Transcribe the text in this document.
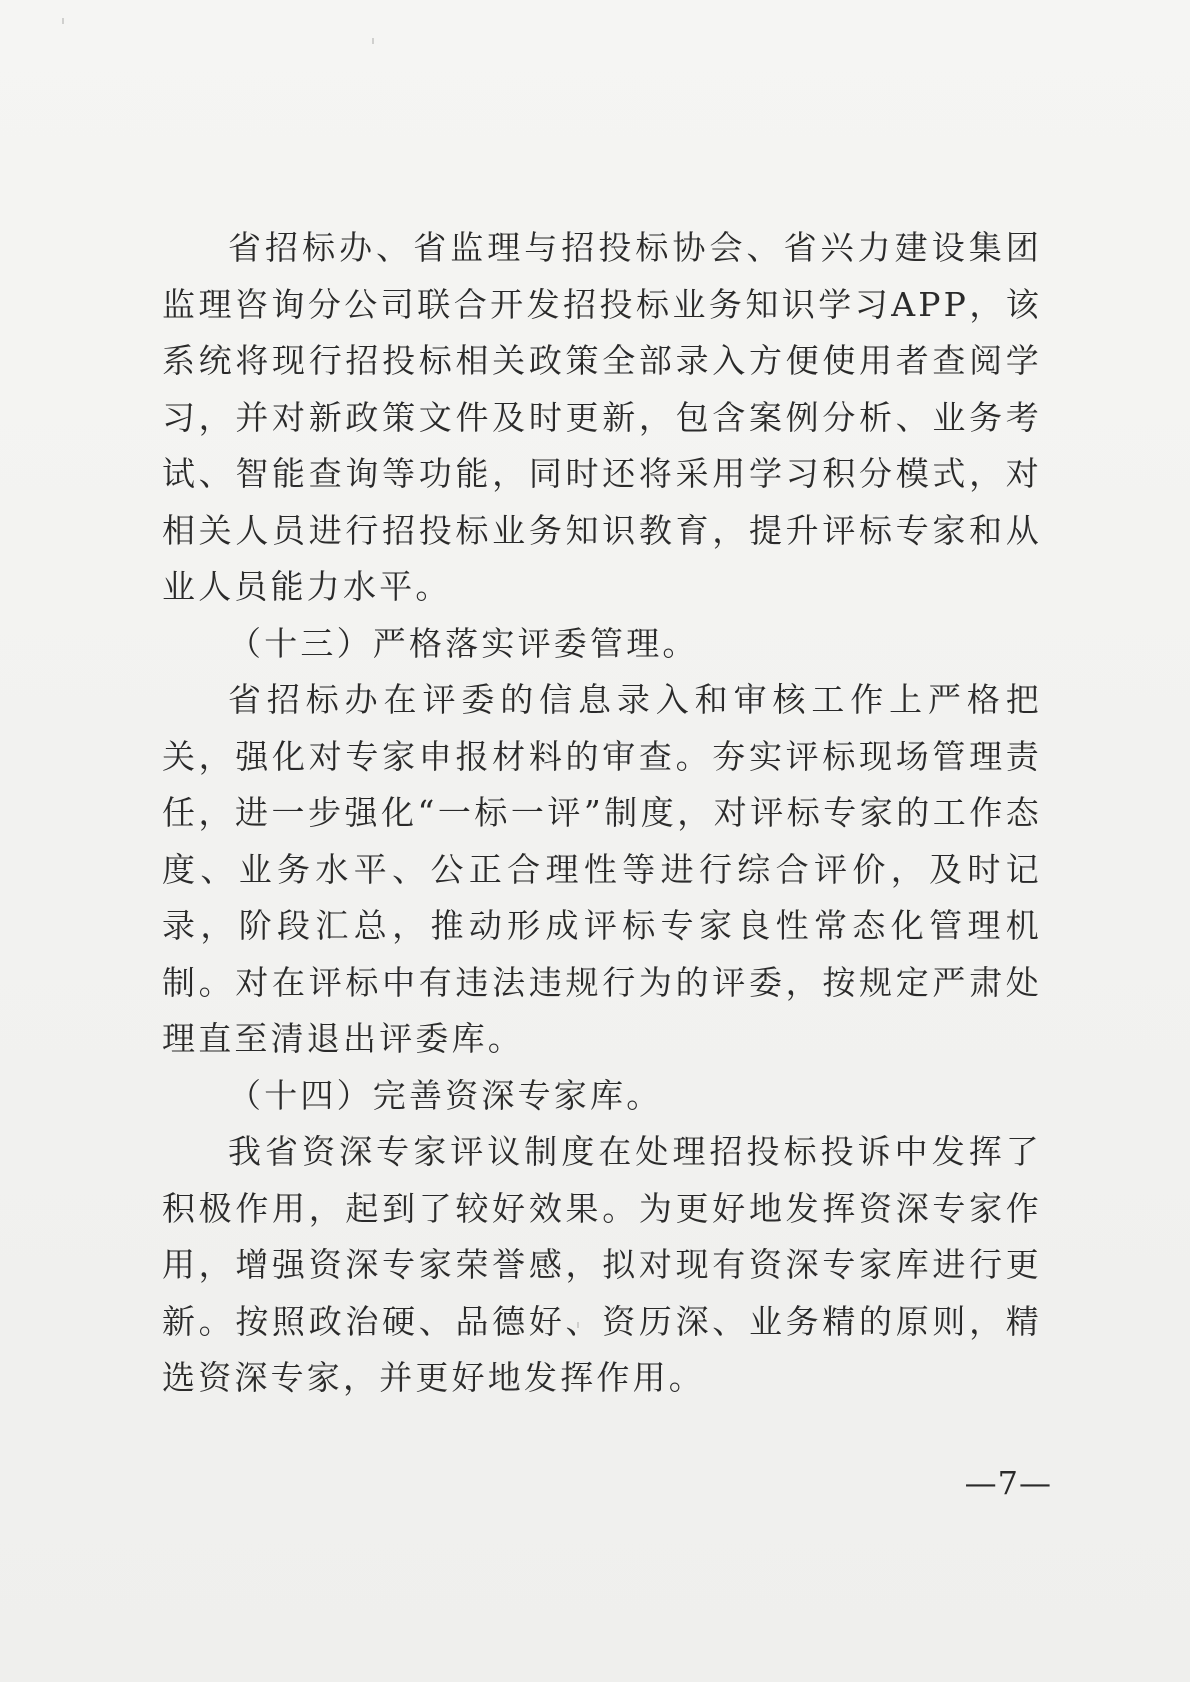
省招标办、省监理与招投标协会、省兴力建设集团监理咨询分公司联合开发招投标业务知识学习APP，该系统将现行招投标相关政策全部录入方便使用者查阅学习，并对新政策文件及时更新，包含案例分析、业务考试、智能查询等功能，同时还将采用学习积分模式，对相关人员进行招投标业务知识教育，提升评标专家和从业人员能力水平。

（十三）严格落实评委管理。

省招标办在评委的信息录入和审核工作上严格把关，强化对专家申报材料的审查。夯实评标现场管理责任，进一步强化“一标一评”制度，对评标专家的工作态度、业务水平、公正合理性等进行综合评价，及时记录，阶段汇总，推动形成评标专家良性常态化管理机制。对在评标中有违法违规行为的评委，按规定严肃处理直至清退出评委库。

（十四）完善资深专家库。

我省资深专家评议制度在处理招投标投诉中发挥了积极作用，起到了较好效果。为更好地发挥资深专家作用，增强资深专家荣誉感，拟对现有资深专家库进行更新。按照政治硬、品德好、资历深、业务精的原则，精选资深专家，并更好地发挥作用。

—7—
